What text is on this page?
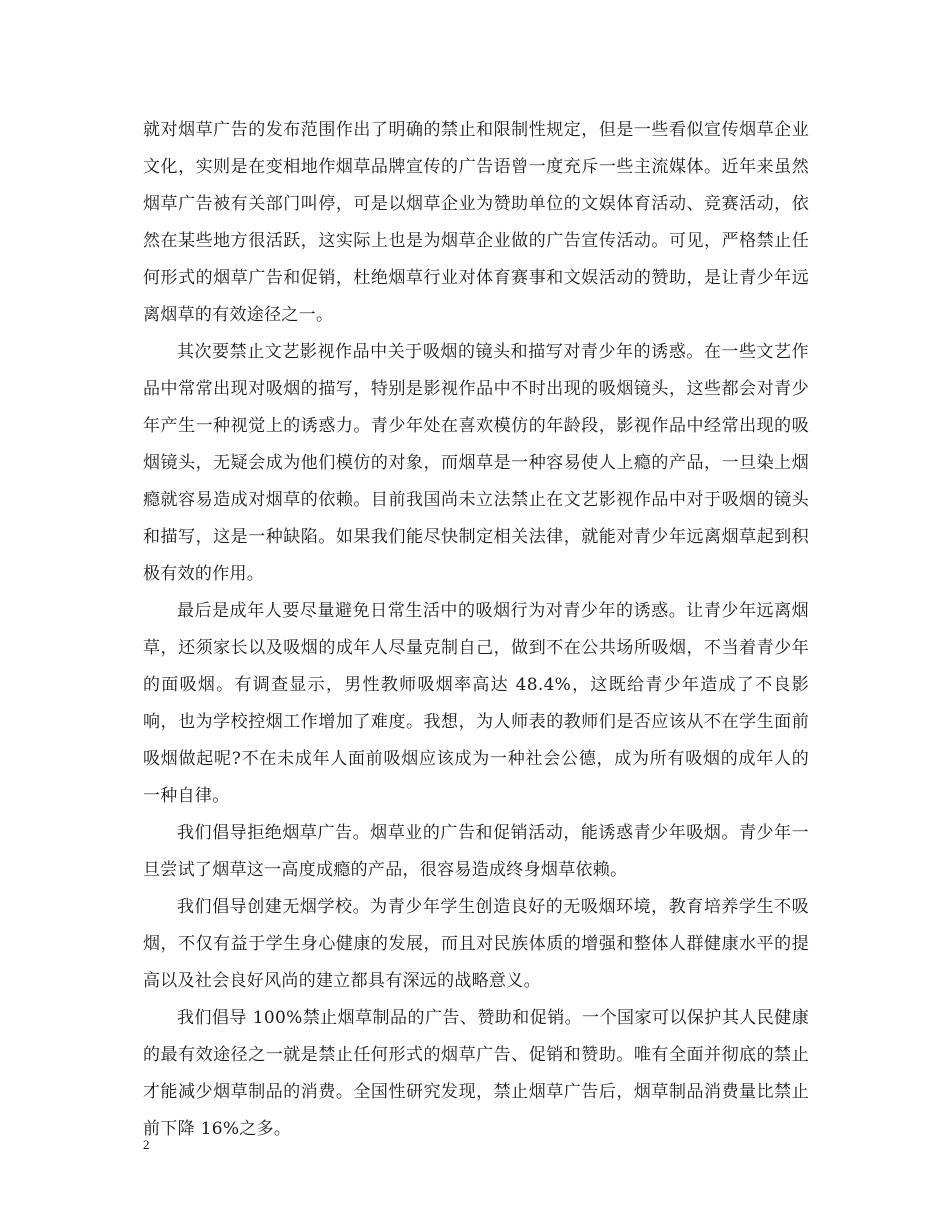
就对烟草广告的发布范围作出了明确的禁止和限制性规定，但是一些看似宣传烟草企业文化，实则是在变相地作烟草品牌宣传的广告语曾一度充斥一些主流媒体。近年来虽然烟草广告被有关部门叫停，可是以烟草企业为赞助单位的文娱体育活动、竞赛活动，依然在某些地方很活跃，这实际上也是为烟草企业做的广告宣传活动。可见，严格禁止任何形式的烟草广告和促销，杜绝烟草行业对体育赛事和文娱活动的赞助，是让青少年远离烟草的有效途径之一。

其次要禁止文艺影视作品中关于吸烟的镜头和描写对青少年的诱惑。在一些文艺作品中常常出现对吸烟的描写，特别是影视作品中不时出现的吸烟镜头，这些都会对青少年产生一种视觉上的诱惑力。青少年处在喜欢模仿的年龄段，影视作品中经常出现的吸烟镜头，无疑会成为他们模仿的对象，而烟草是一种容易使人上瘾的产品，一旦染上烟瘾就容易造成对烟草的依赖。目前我国尚未立法禁止在文艺影视作品中对于吸烟的镜头和描写，这是一种缺陷。如果我们能尽快制定相关法律，就能对青少年远离烟草起到积极有效的作用。

最后是成年人要尽量避免日常生活中的吸烟行为对青少年的诱惑。让青少年远离烟草，还须家长以及吸烟的成年人尽量克制自己，做到不在公共场所吸烟，不当着青少年的面吸烟。有调查显示，男性教师吸烟率高达 48.4%，这既给青少年造成了不良影响，也为学校控烟工作增加了难度。我想，为人师表的教师们是否应该从不在学生面前吸烟做起呢?不在未成年人面前吸烟应该成为一种社会公德，成为所有吸烟的成年人的一种自律。

我们倡导拒绝烟草广告。烟草业的广告和促销活动，能诱惑青少年吸烟。青少年一旦尝试了烟草这一高度成瘾的产品，很容易造成终身烟草依赖。

我们倡导创建无烟学校。为青少年学生创造良好的无吸烟环境，教育培养学生不吸烟，不仅有益于学生身心健康的发展，而且对民族体质的增强和整体人群健康水平的提高以及社会良好风尚的建立都具有深远的战略意义。

我们倡导 100%禁止烟草制品的广告、赞助和促销。一个国家可以保护其人民健康的最有效途径之一就是禁止任何形式的烟草广告、促销和赞助。唯有全面并彻底的禁止才能减少烟草制品的消费。全国性研究发现，禁止烟草广告后，烟草制品消费量比禁止前下降 16%之多。

2
